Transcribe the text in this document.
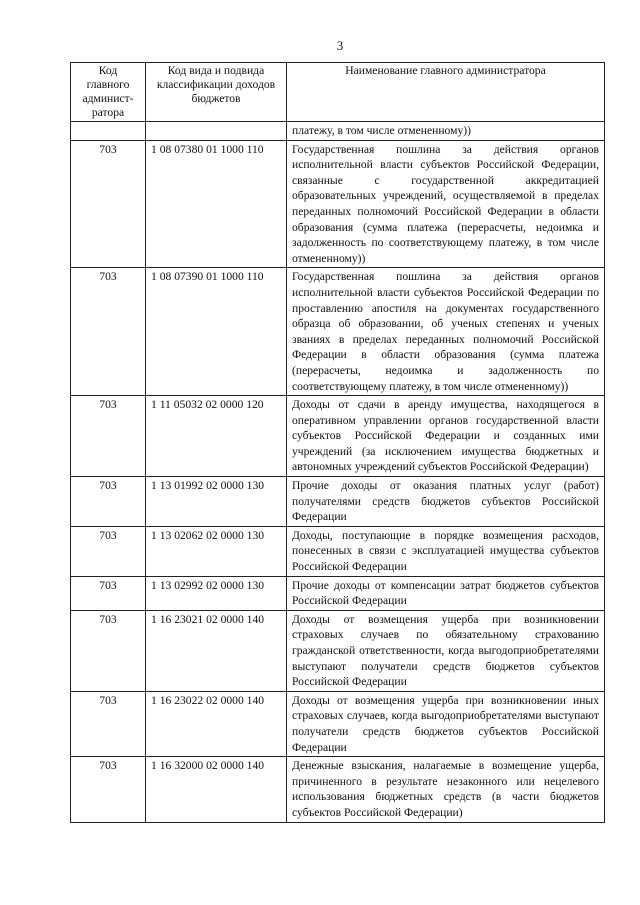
3
Код главного админист-ратора	Код вида и подвида классификации доходов бюджетов	Наименование главного администратора
		платежу, в том числе отмененному))
703	1 08 07380 01 1000 110	Государственная пошлина за действия органов исполнительной власти субъектов Российской Федерации, связанные с государственной аккредитацией образовательных учреждений, осуществляемой в пределах переданных полномочий Российской Федерации в области образования (сумма платежа (перерасчеты, недоимка и задолженность по соответствующему платежу, в том числе отмененному))
703	1 08 07390 01 1000 110	Государственная пошлина за действия органов исполнительной власти субъектов Российской Федерации по проставлению апостиля на документах государственного образца об образовании, об ученых степенях и ученых званиях в пределах переданных полномочий Российской Федерации в области образования (сумма платежа (перерасчеты, недоимка и задолженность по соответствующему платежу, в том числе отмененному))
703	1 11 05032 02 0000 120	Доходы от сдачи в аренду имущества, находящегося в оперативном управлении органов государственной власти субъектов Российской Федерации и созданных ими учреждений (за исключением имущества бюджетных и автономных учреждений субъектов Российской Федерации)
703	1 13 01992 02 0000 130	Прочие доходы от оказания платных услуг (работ) получателями средств бюджетов субъектов Российской Федерации
703	1 13 02062 02 0000 130	Доходы, поступающие в порядке возмещения расходов, понесенных в связи с эксплуатацией имущества субъектов Российской Федерации
703	1 13 02992 02 0000 130	Прочие доходы от компенсации затрат бюджетов субъектов Российской Федерации
703	1 16 23021 02 0000 140	Доходы от возмещения ущерба при возникновении страховых случаев по обязательному страхованию гражданской ответственности, когда выгодоприобретателями выступают получатели средств бюджетов субъектов Российской Федерации
703	1 16 23022 02 0000 140	Доходы от возмещения ущерба при возникновении иных страховых случаев, когда выгодоприобретателями выступают получатели средств бюджетов субъектов Российской Федерации
703	1 16 32000 02 0000 140	Денежные взыскания, налагаемые в возмещение ущерба, причиненного в результате незаконного или нецелевого использования бюджетных средств (в части бюджетов субъектов Российской Федерации)
